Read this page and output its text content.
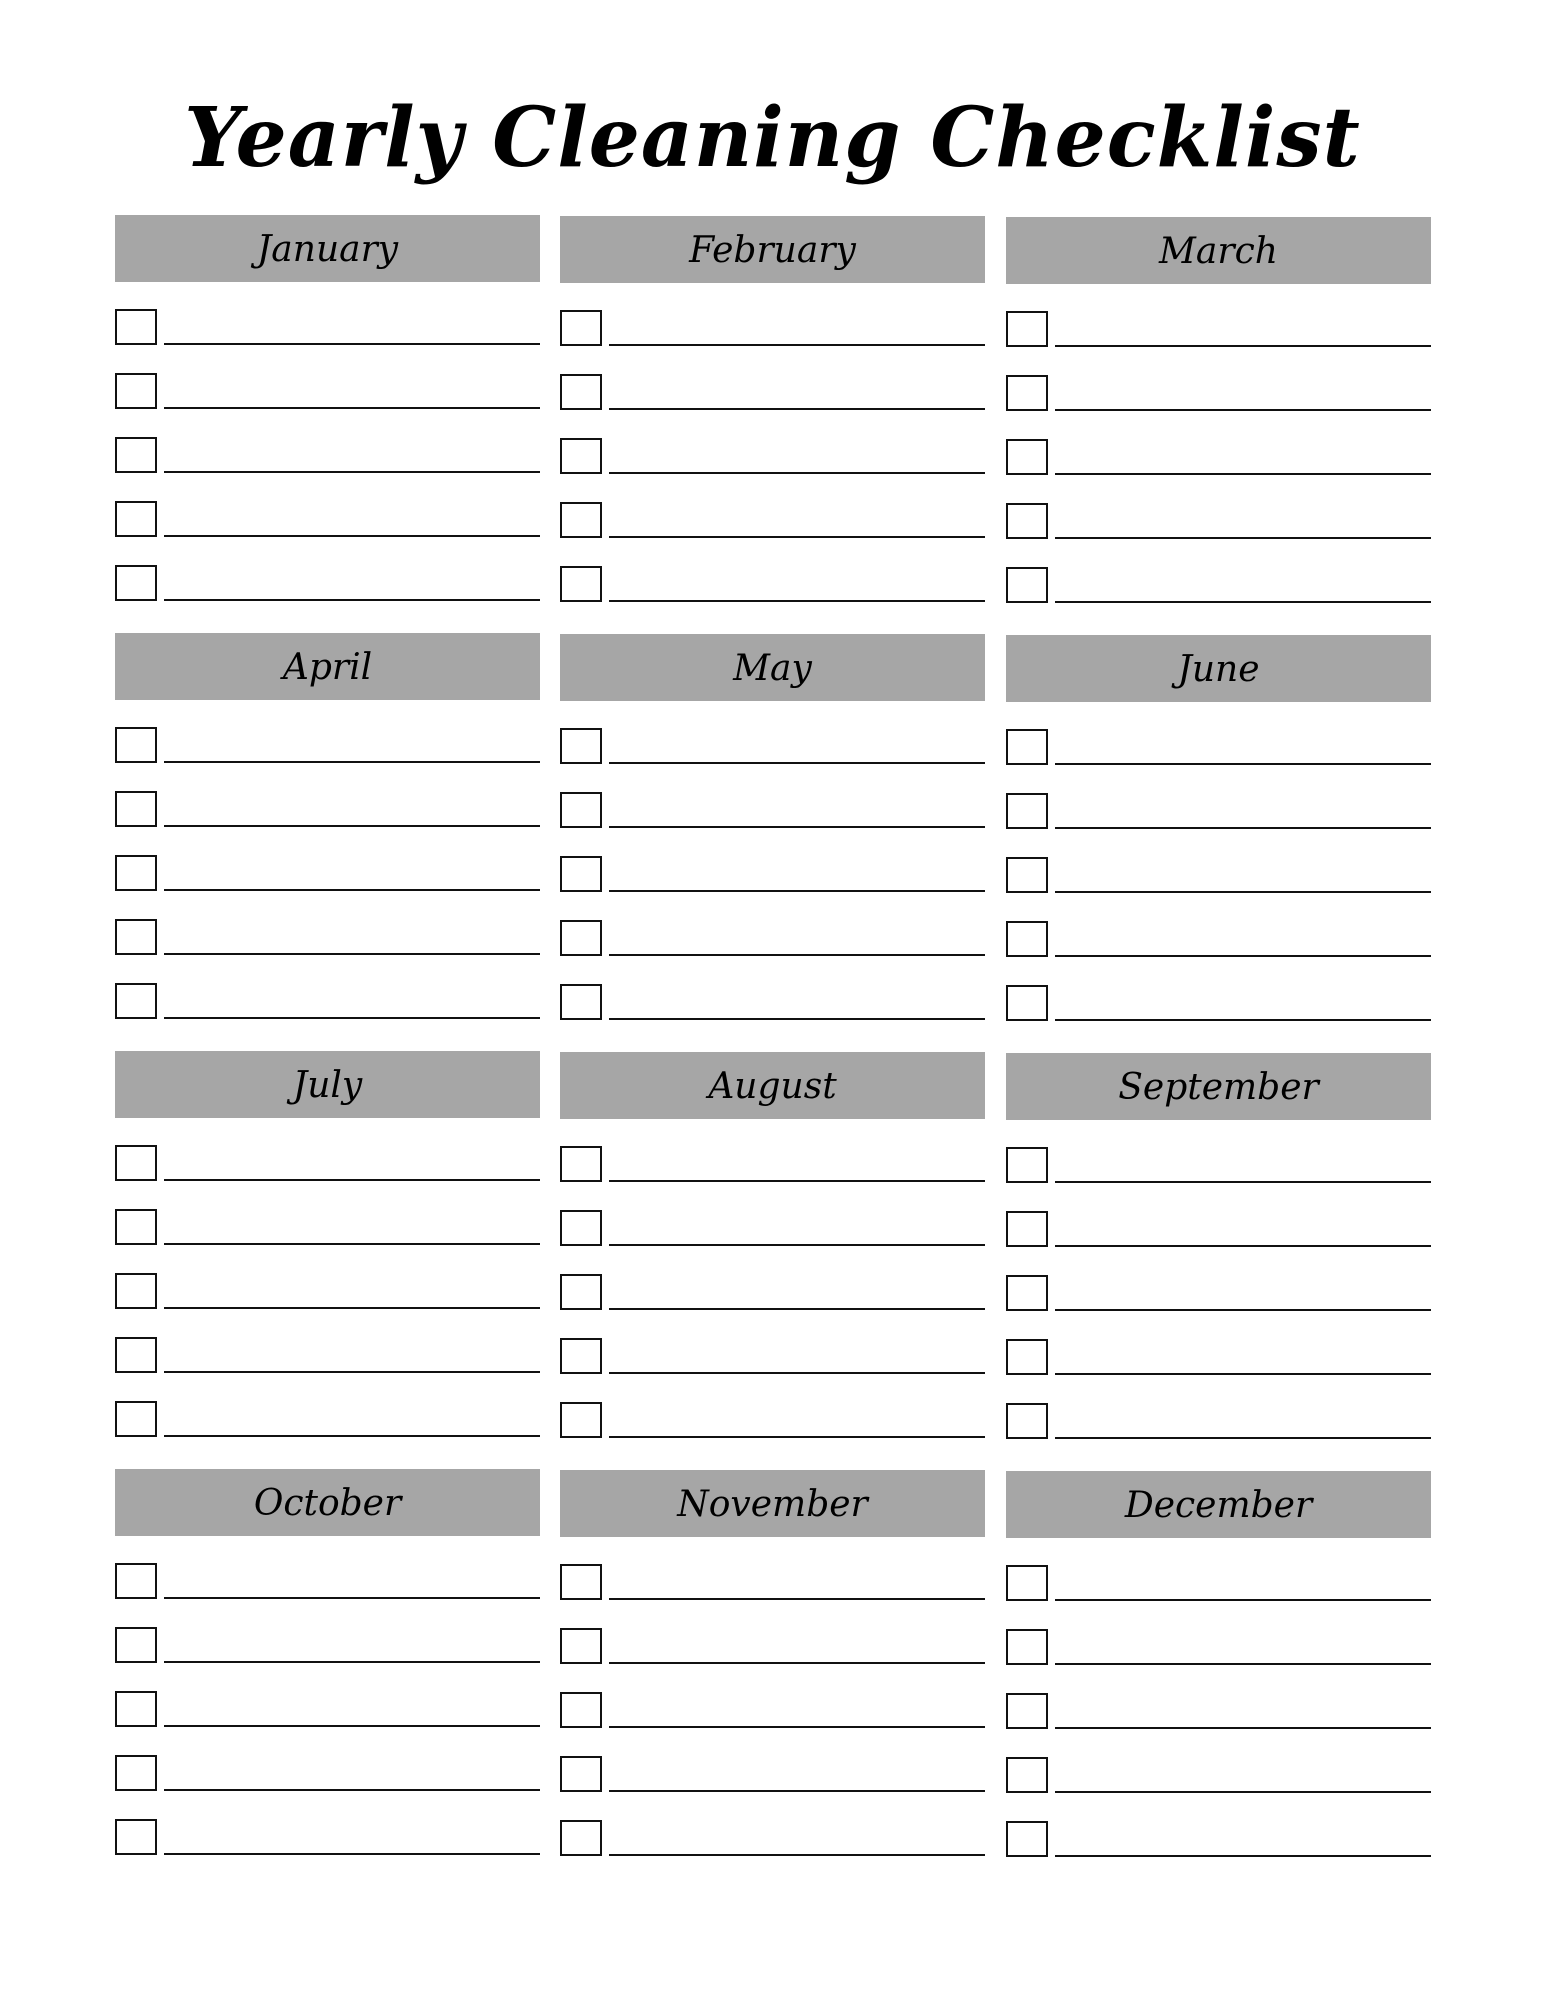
Yearly Cleaning Checklist
January	February	March
April	May	June
July	August	September
October	November	December
